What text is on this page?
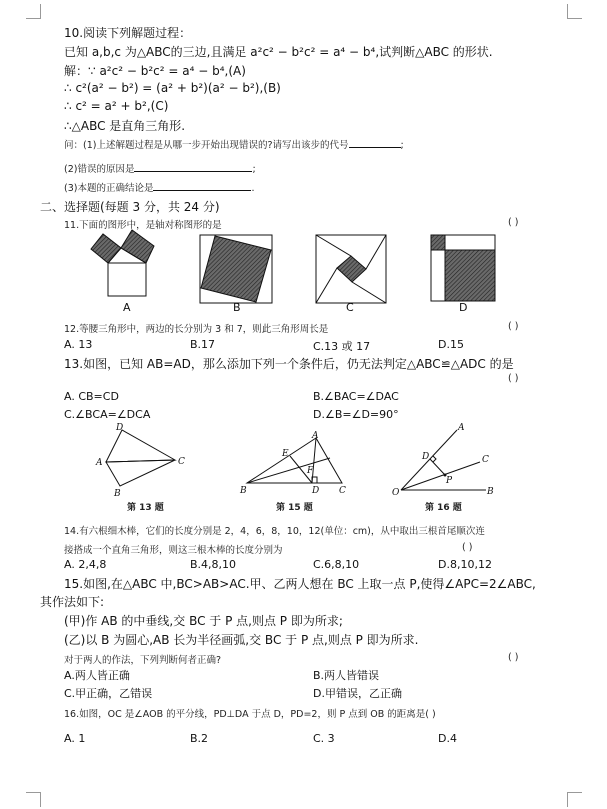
10.阅读下列解题过程：
已知 a,b,c 为△ABC的三边,且满足 a²c² − b²c² = a⁴ − b⁴,试判断△ABC 的形状.
解：∵ a²c² − b²c² = a⁴ − b⁴,(A)
∴ c²(a² − b²) = (a² + b²)(a² − b²),(B)
∴ c² = a² + b²,(C)
∴△ABC 是直角三角形.
问：(1)上述解题过程是从哪一步开始出现错误的?请写出该步的代号	;
(2)错误的原因是	;
(3)本题的正确结论是	.
二、选择题(每题 3 分，共 24 分)
11.下面的图形中，是轴对称图形的是	( )
A	B	C	D
12.等腰三角形中，两边的长分别为 3 和 7，则此三角形周长是	( )
A. 13	B.17	C.13 或 17	D.15
13.如图，已知 AB=AD，那么添加下列一个条件后，仍无法判定△ABC≌△ADC 的是
( )
A. CB=CD	B.∠BAC=∠DAC
C.∠BCA=∠DCA	D.∠B=∠D=90°
D
A	C
B
A
E
F
B	D C
A
D	C
P
O	B
第 13 题	第 15 题	第 16 题
14.有六根细木棒，它们的长度分别是 2，4，6，8，10，12(单位：cm)，从中取出三根首尾顺次连
接搭成一个直角三角形，则这三根木棒的长度分别为	( )
A. 2,4,8	B.4,8,10	C.6,8,10	D.8,10,12
15.如图,在△ABC 中,BC>AB>AC.甲、乙两人想在 BC 上取一点 P,使得∠APC=2∠ABC,
其作法如下:
(甲)作 AB 的中垂线,交 BC 于 P 点,则点 P 即为所求;
(乙)以 B 为圆心,AB 长为半径画弧,交 BC 于 P 点,则点 P 即为所求.
对于两人的作法，下列判断何者正确?	( )
A.两人皆正确	B.两人皆错误
C.甲正确，乙错误	D.甲错误，乙正确
16.如图，OC 是∠AOB 的平分线，PD⊥DA 于点 D，PD=2，则 P 点到 OB 的距离是( )
A. 1	B.2	C. 3	D.4
